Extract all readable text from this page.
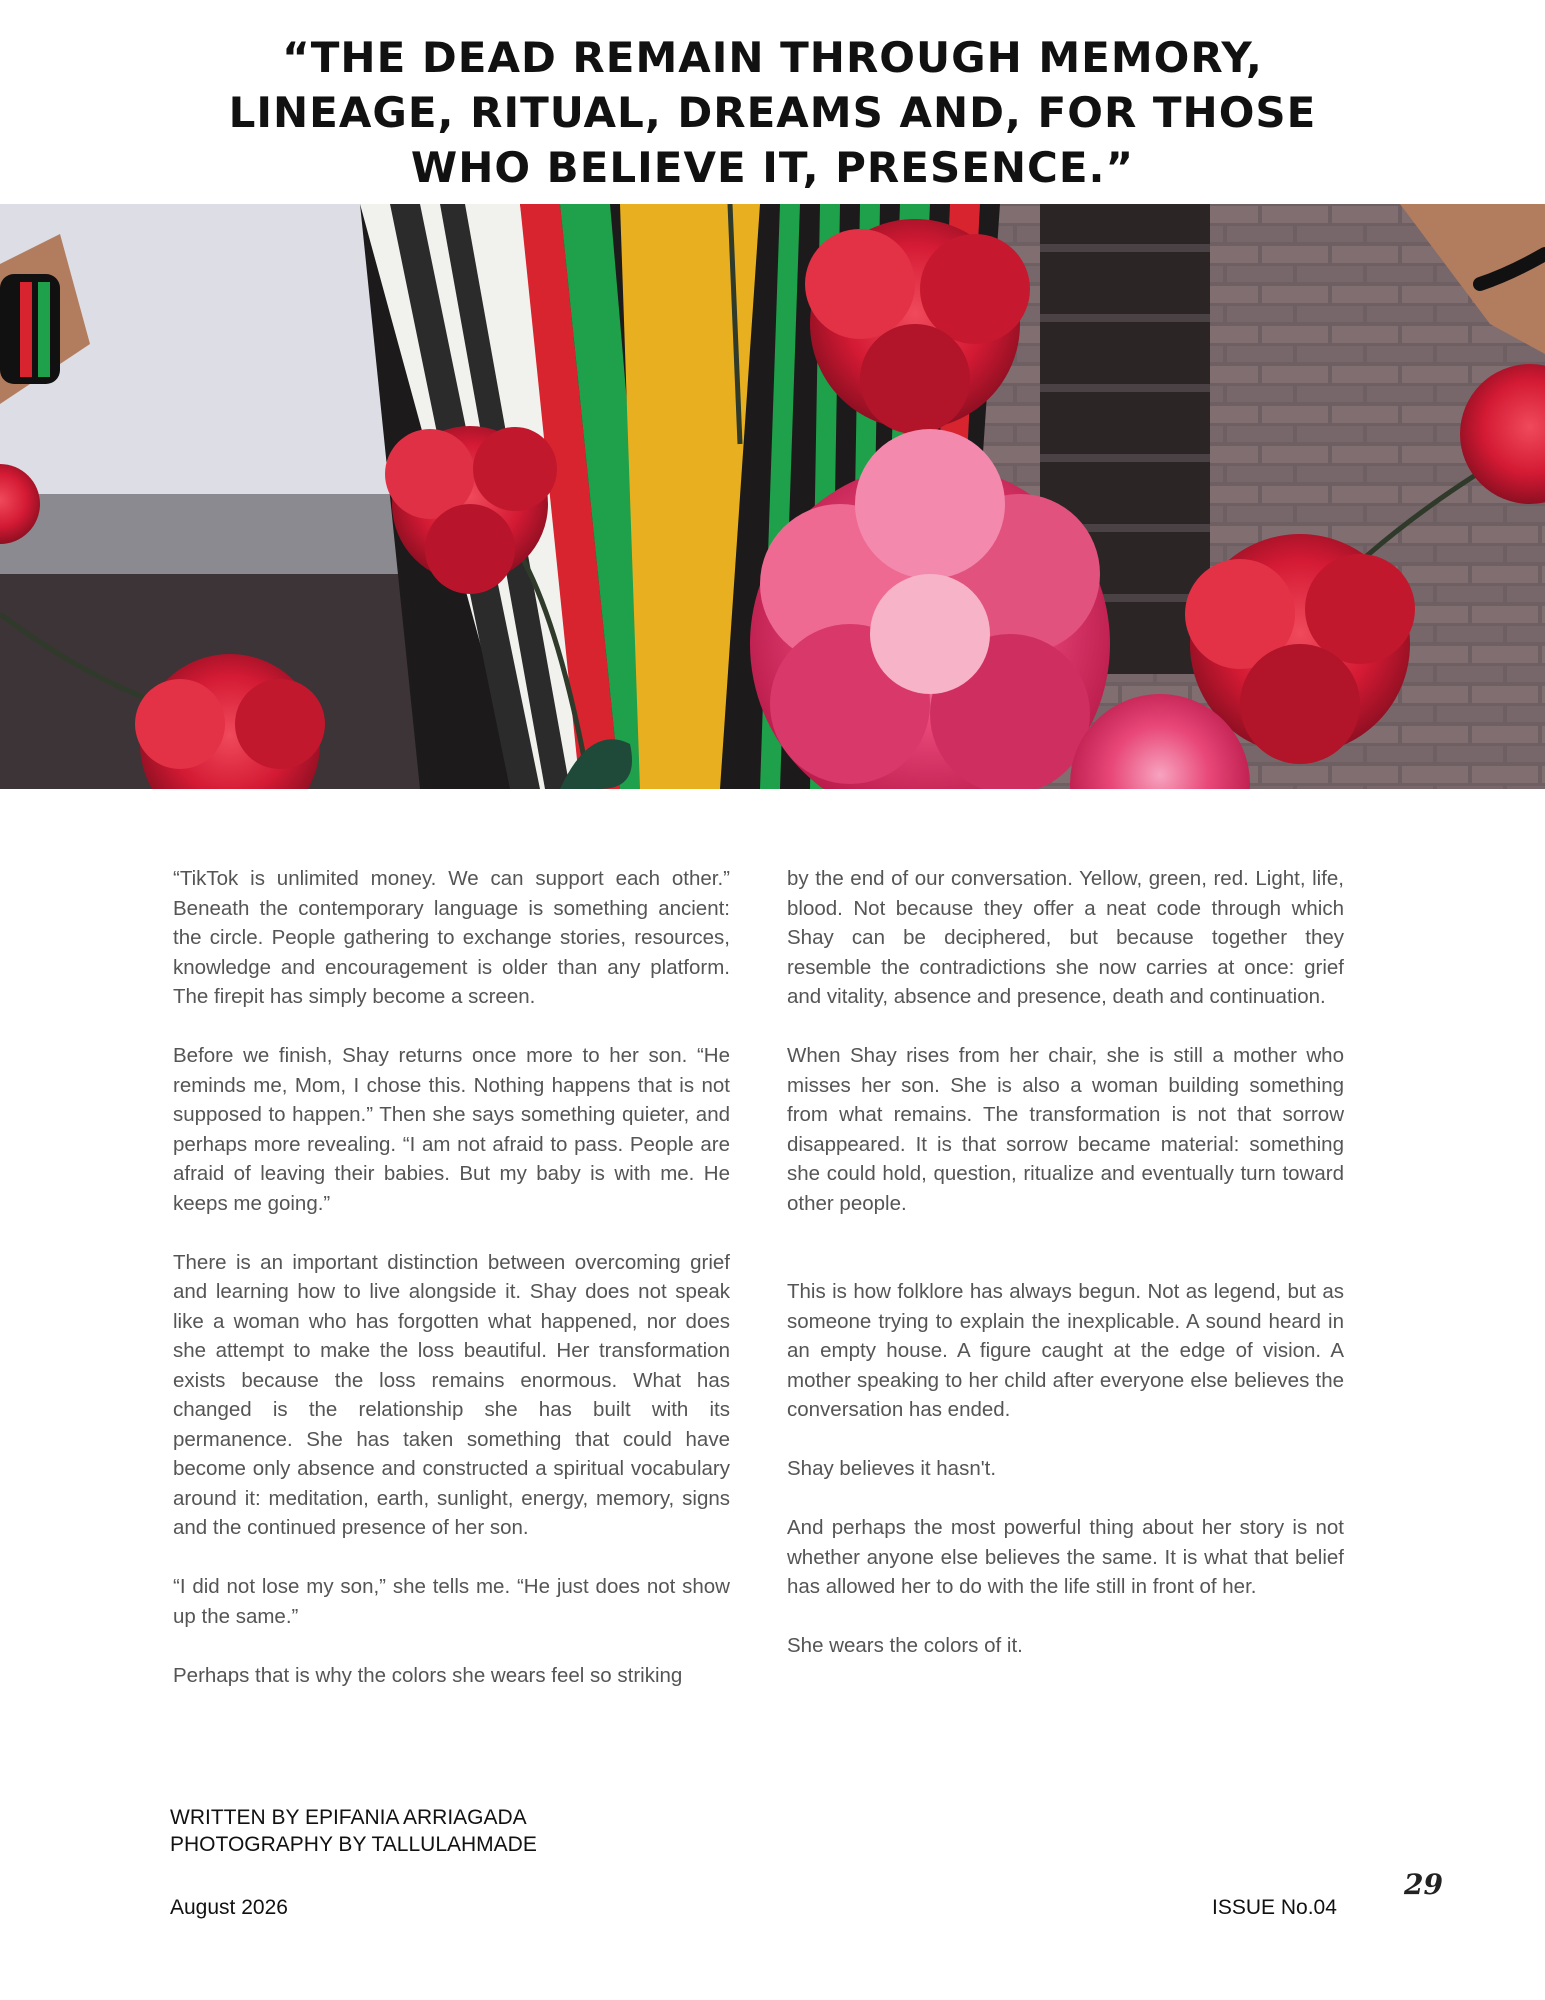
“THE DEAD REMAIN THROUGH MEMORY,
LINEAGE, RITUAL, DREAMS AND, FOR THOSE
WHO BELIEVE IT, PRESENCE.”

“TikTok is unlimited money. We can support each other.” Beneath the contemporary language is something ancient: the circle. People gathering to exchange stories, resources, knowledge and encouragement is older than any platform. The firepit has simply become a screen.

Before we finish, Shay returns once more to her son. “He reminds me, Mom, I chose this. Nothing happens that is not supposed to happen.” Then she says something quieter, and perhaps more revealing. “I am not afraid to pass. People are afraid of leaving their babies. But my baby is with me. He keeps me going.”

There is an important distinction between overcoming grief and learning how to live alongside it. Shay does not speak like a woman who has forgotten what happened, nor does she attempt to make the loss beautiful. Her transformation exists because the loss remains enormous. What has changed is the relationship she has built with its permanence. She has taken something that could have become only absence and constructed a spiritual vocabulary around it: meditation, earth, sunlight, energy, memory, signs and the continued presence of her son.

“I did not lose my son,” she tells me. “He just does not show up the same.”

Perhaps that is why the colors she wears feel so striking

by the end of our conversation. Yellow, green, red. Light, life, blood. Not because they offer a neat code through which Shay can be deciphered, but because together they resemble the contradictions she now carries at once: grief and vitality, absence and presence, death and continuation.

When Shay rises from her chair, she is still a mother who misses her son. She is also a woman building something from what remains. The transformation is not that sorrow disappeared. It is that sorrow became material: something she could hold, question, ritualize and eventually turn toward other people.

This is how folklore has always begun. Not as legend, but as someone trying to explain the inexplicable. A sound heard in an empty house. A figure caught at the edge of vision. A mother speaking to her child after everyone else believes the conversation has ended.

Shay believes it hasn't.

And perhaps the most powerful thing about her story is not whether anyone else believes the same. It is what that belief has allowed her to do with the life still in front of her.

She wears the colors of it.

WRITTEN BY EPIFANIA ARRIAGADA
PHOTOGRAPHY BY TALLULAHMADE
August 2026	ISSUE No.04
29
